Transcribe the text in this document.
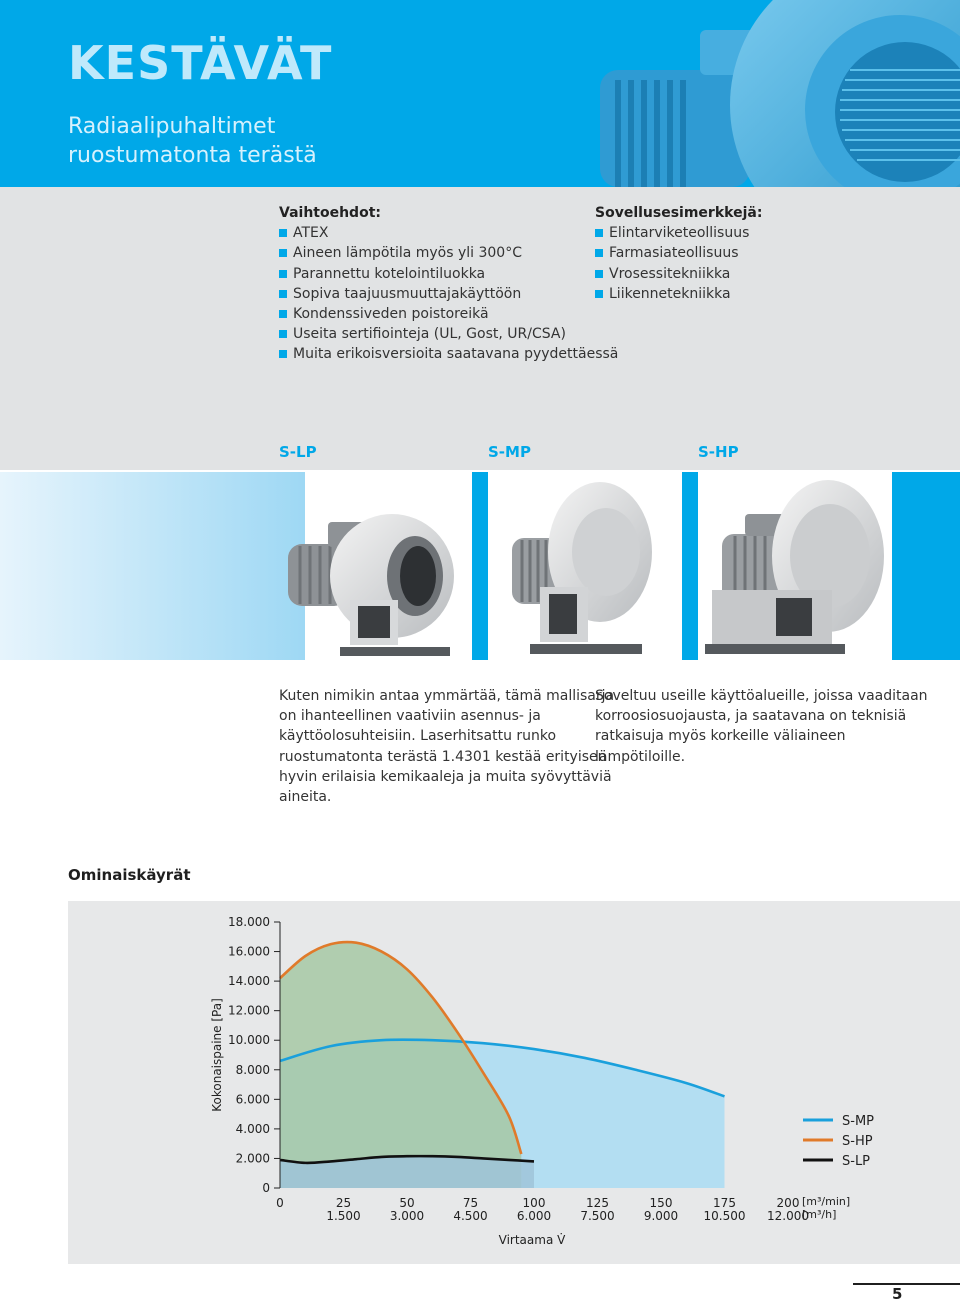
KESTÄVÄT
Radiaalipuhaltimet
ruostumatonta terästä
Vaihtoehdot:
ATEX
Aineen lämpötila myös yli 300°C
Parannettu kotelointiluokka
Sopiva taajuusmuuttajakäyttöön
Kondenssiveden poistoreikä
Useita sertifiointeja (UL, Gost, UR/CSA)
Muita erikoisversioita saatavana pyydettäessä
Sovellusesimerkkejä:
Elintarviketeollisuus
Farmasiateollisuus
Vrosessitekniikka
Liikennetekniikka
S-LP	S-MP	S-HP
Kuten nimikin antaa ymmärtää, tämä mallisarja
on ihanteellinen vaativiin asennus- ja
käyttöolosuhteisiin. Laserhitsattu runko
ruostumatonta terästä 1.4301 kestää erityisen
hyvin erilaisia kemikaaleja ja muita syövyttäviä
aineita.
Soveltuu useille käyttöalueille, joissa vaaditaan
korroosiosuojausta, ja saatavana on teknisiä
ratkaisuja myös korkeille väliaineen
lämpötiloille.
Ominaiskäyrät
0
2.000
4.000
6.000
8.000
10.000
12.000
14.000
16.000
18.000
0	25
1.500
50
3.000
75
4.500
100
6.000
125
7.500
150
9.000
175
10.500
200
12.000
S-MP
S-HP
S-LP
Kokonaispaine [Pa]
Virtaama V̇
[m³/min]
[m³/h]
5
